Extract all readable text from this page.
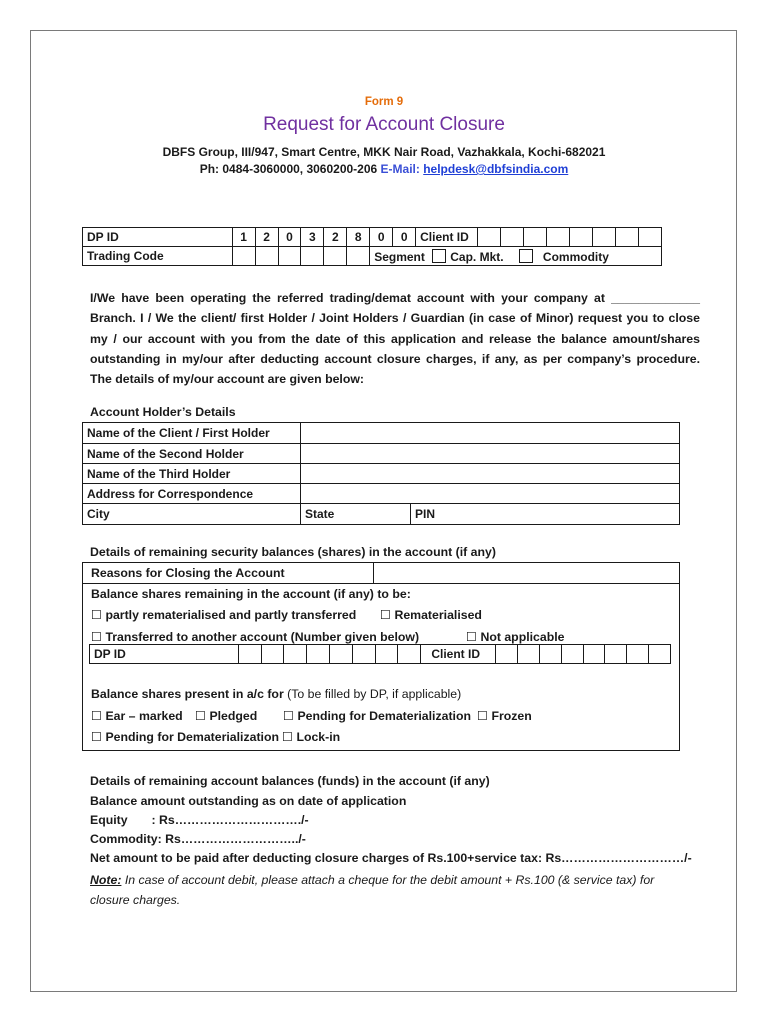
Form 9
Request for Account Closure
DBFS Group, III/947, Smart Centre, MKK Nair Road, Vazhakkala, Kochi-682021
Ph: 0484-3060000, 3060200-206 E-Mail: helpdesk@dbfsindia.com
DP ID	1	2	0	3	2	8	0	0	Client ID								
Trading Code							Segment Cap. Mkt. Commodity										
I/We have been operating the referred trading/demat account with your company at _____________ Branch. I / We the client/ first Holder / Joint Holders / Guardian (in case of Minor) request you to close my / our account with you from the date of this application and release the balance amount/shares outstanding in my/our after deducting account closure charges, if any, as per company’s procedure. The details of my/our account are given below:
Account Holder’s Details
Name of the Client / First Holder		
Name of the Second Holder		
Name of the Third Holder		
Address for Correspondence		
City	State	PIN
Details of remaining security balances (shares) in the account (if any)
Reasons for Closing the Account
Balance shares remaining in the account (if any) to be:
☐ partly rematerialised and partly transferred ☐ Rematerialised
☐ Transferred to another account (Number given below)	☐ Not applicable
DP ID									Client ID								
Balance shares present in a/c for (To be filled by DP, if applicable)
☐ Ear – marked ☐ Pledged ☐ Pending for Dematerialization ☐ Frozen
☐ Pending for Dematerialization ☐ Lock-in
Details of remaining account balances (funds) in the account (if any)
Balance amount outstanding as on date of application
Equity       : Rs…………………………./-
Commodity: Rs………………………../-
Net amount to be paid after deducting closure charges of Rs.100+service tax: Rs…………………………/-
Note: In case of account debit, please attach a cheque for the debit amount + Rs.100 (& service tax) for closure charges.
